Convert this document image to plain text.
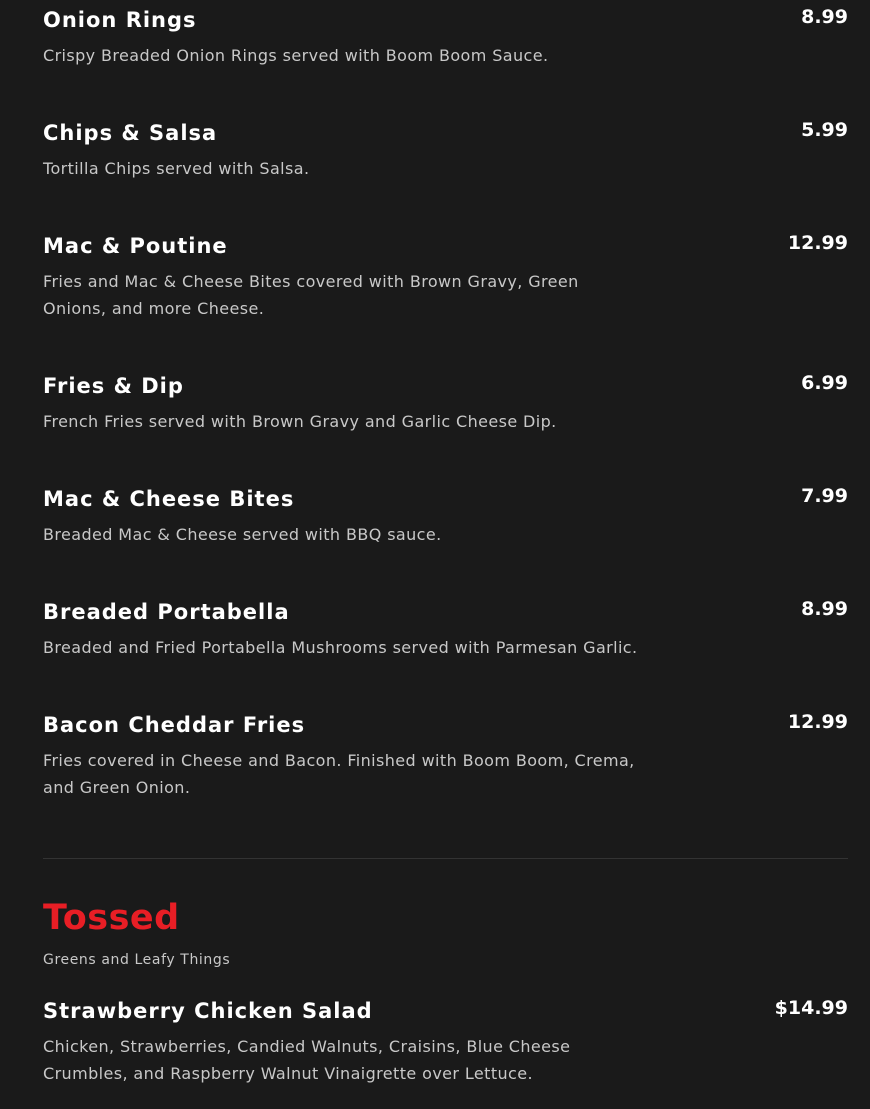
Onion Rings	8.99
Crispy Breaded Onion Rings served with Boom Boom Sauce.
Chips & Salsa	5.99
Tortilla Chips served with Salsa.
Mac & Poutine	12.99
Fries and Mac & Cheese Bites covered with Brown Gravy, Green Onions, and more Cheese.
Fries & Dip	6.99
French Fries served with Brown Gravy and Garlic Cheese Dip.
Mac & Cheese Bites	7.99
Breaded Mac & Cheese served with BBQ sauce.
Breaded Portabella	8.99
Breaded and Fried Portabella Mushrooms served with Parmesan Garlic.
Bacon Cheddar Fries	12.99
Fries covered in Cheese and Bacon. Finished with Boom Boom, Crema, and Green Onion.
Tossed
Greens and Leafy Things
Strawberry Chicken Salad	$14.99
Chicken, Strawberries, Candied Walnuts, Craisins, Blue Cheese Crumbles, and Raspberry Walnut Vinaigrette over Lettuce.
